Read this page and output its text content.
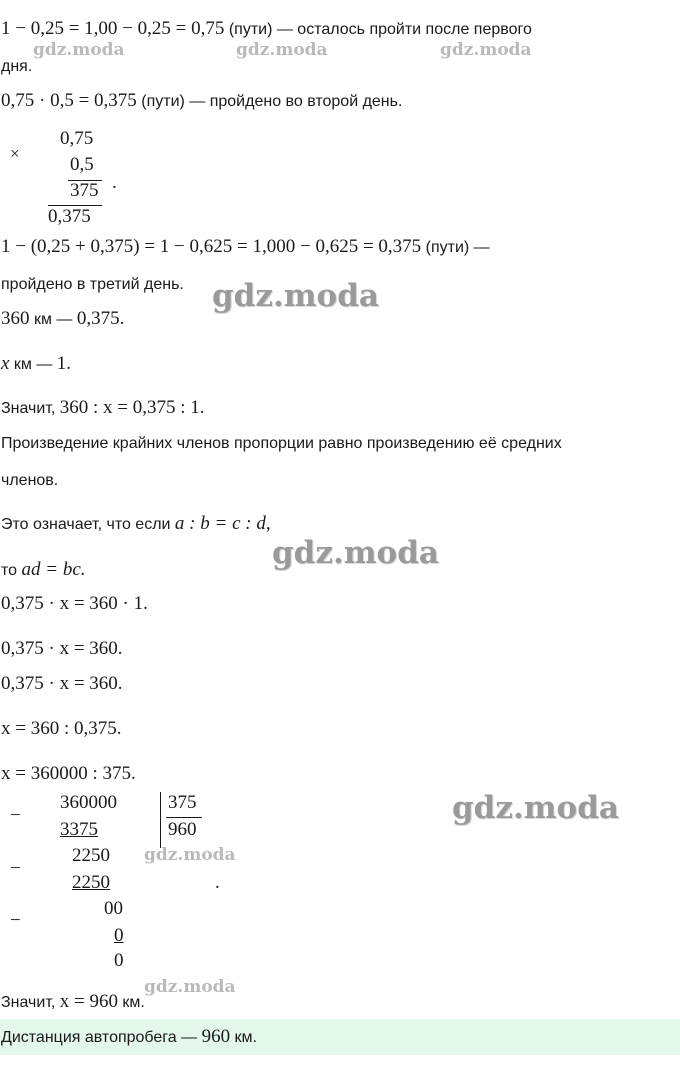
1 − 0,25 = 1,00 − 0,25 = 0,75 (пути) — осталось пройти после первого
дня.
gdz.moda	gdz.moda	gdz.moda
0,75 · 0,5 = 0,375 (пути) — пройдено во второй день.
×
0,75
0,5
375 .
0,375
1 − (0,25 + 0,375) = 1 − 0,625 = 1,000 − 0,625 = 0,375 (пути) —
пройдено в третий день. gdz.moda
360 км — 0,375.
x км — 1.
Значит, 360 : x = 0,375 : 1.
Произведение крайних членов пропорции равно произведению её средних
членов.
Это означает, что если a : b = c : d,
gdz.moda
то ad = bc.
0,375 · x = 360 · 1.
0,375 · x = 360.
0,375 · x = 360.
x = 360 : 0,375.
x = 360000 : 375.
−
360000	375
960
3375
2250
−
2250	.
00
−
0
0
gdz.moda
gdz.moda
gdz.moda
Значит, x = 960 км.
Дистанция автопробега — 960 км.
